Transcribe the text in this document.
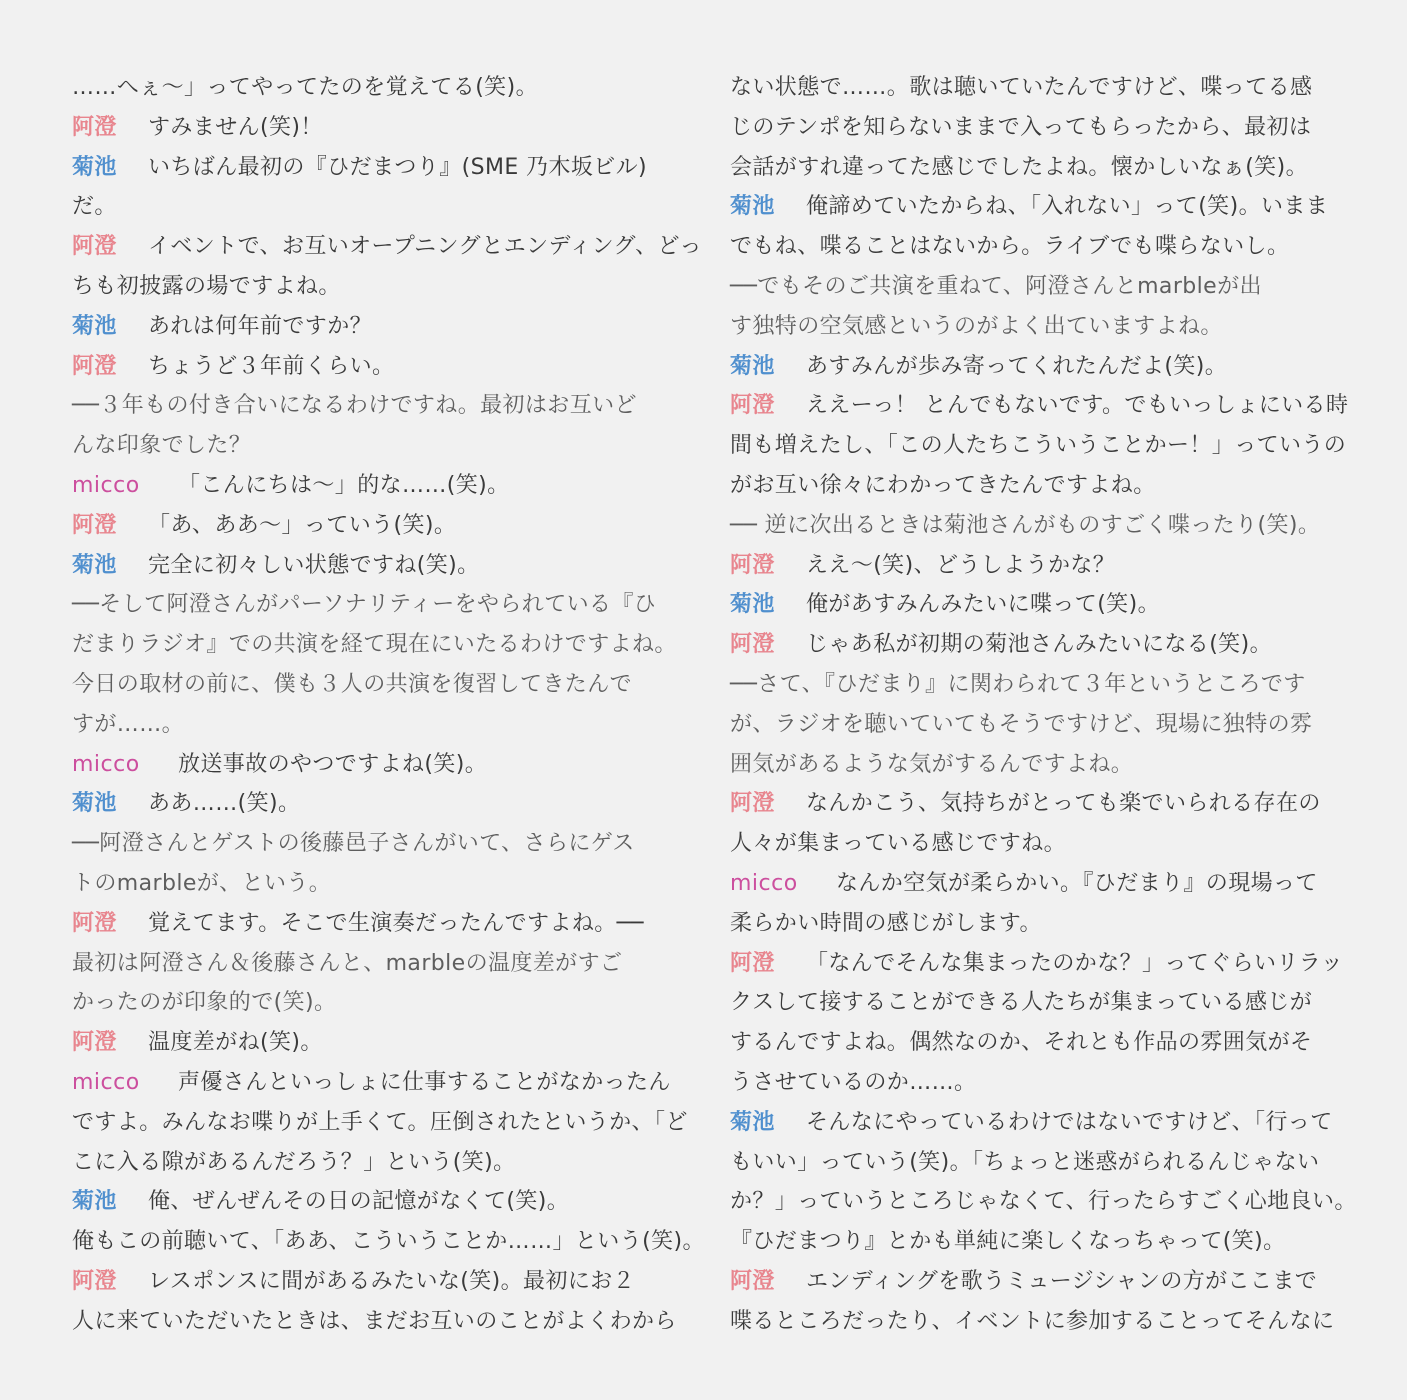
……へぇ〜」ってやってたのを覚えてる(笑)。
阿澄 すみません(笑)！
菊池 いちばん最初の『ひだまつり』(SME 乃木坂ビル)
だ。
阿澄 イベントで、お互いオープニングとエンディング、どっ
ちも初披露の場ですよね。
菊池 あれは何年前ですか？
阿澄 ちょうど３年前くらい。
──３年もの付き合いになるわけですね。最初はお互いど
んな印象でした？
micco 「こんにちは〜」的な……(笑)。
阿澄 「あ、ああ〜」っていう(笑)。
菊池 完全に初々しい状態ですね(笑)。
──そして阿澄さんがパーソナリティーをやられている『ひ
だまりラジオ』での共演を経て現在にいたるわけですよね。
今日の取材の前に、僕も３人の共演を復習してきたんで
すが……。
micco 放送事故のやつですよね(笑)。
菊池 ああ……(笑)。
──阿澄さんとゲストの後藤邑子さんがいて、さらにゲス
トのmarbleが、という。
阿澄 覚えてます。そこで生演奏だったんですよね。──
最初は阿澄さん＆後藤さんと、marbleの温度差がすご
かったのが印象的で(笑)。
阿澄 温度差がね(笑)。
micco 声優さんといっしょに仕事することがなかったん
ですよ。みんなお喋りが上手くて。圧倒されたというか、「ど
こに入る隙があるんだろう？」という(笑)。
菊池 俺、ぜんぜんその日の記憶がなくて(笑)。
俺もこの前聴いて、「ああ、こういうことか……」という(笑)。
阿澄 レスポンスに間があるみたいな(笑)。最初にお２
人に来ていただいたときは、まだお互いのことがよくわから
ない状態で……。歌は聴いていたんですけど、喋ってる感
じのテンポを知らないままで入ってもらったから、最初は
会話がすれ違ってた感じでしたよね。懐かしいなぁ(笑)。
菊池 俺諦めていたからね、「入れない」って(笑)。いまま
でもね、喋ることはないから。ライブでも喋らないし。
──でもそのご共演を重ねて、阿澄さんとmarbleが出
す独特の空気感というのがよく出ていますよね。
菊池 あすみんが歩み寄ってくれたんだよ(笑)。
阿澄 ええーっ！ とんでもないです。でもいっしょにいる時
間も増えたし、「この人たちこういうことかー！」っていうの
がお互い徐々にわかってきたんですよね。
── 逆に次出るときは菊池さんがものすごく喋ったり(笑)。
阿澄 ええ〜(笑)、どうしようかな？
菊池 俺があすみんみたいに喋って(笑)。
阿澄 じゃあ私が初期の菊池さんみたいになる(笑)。
──さて、『ひだまり』に関わられて３年というところです
が、ラジオを聴いていてもそうですけど、現場に独特の雰
囲気があるような気がするんですよね。
阿澄 なんかこう、気持ちがとっても楽でいられる存在の
人々が集まっている感じですね。
micco なんか空気が柔らかい。『ひだまり』の現場って
柔らかい時間の感じがします。
阿澄 「なんでそんな集まったのかな？」ってぐらいリラッ
クスして接することができる人たちが集まっている感じが
するんですよね。偶然なのか、それとも作品の雰囲気がそ
うさせているのか……。
菊池 そんなにやっているわけではないですけど、「行って
もいい」っていう(笑)。「ちょっと迷惑がられるんじゃない
か？」っていうところじゃなくて、行ったらすごく心地良い。
『ひだまつり』とかも単純に楽しくなっちゃって(笑)。
阿澄 エンディングを歌うミュージシャンの方がここまで
喋るところだったり、イベントに参加することってそんなに
